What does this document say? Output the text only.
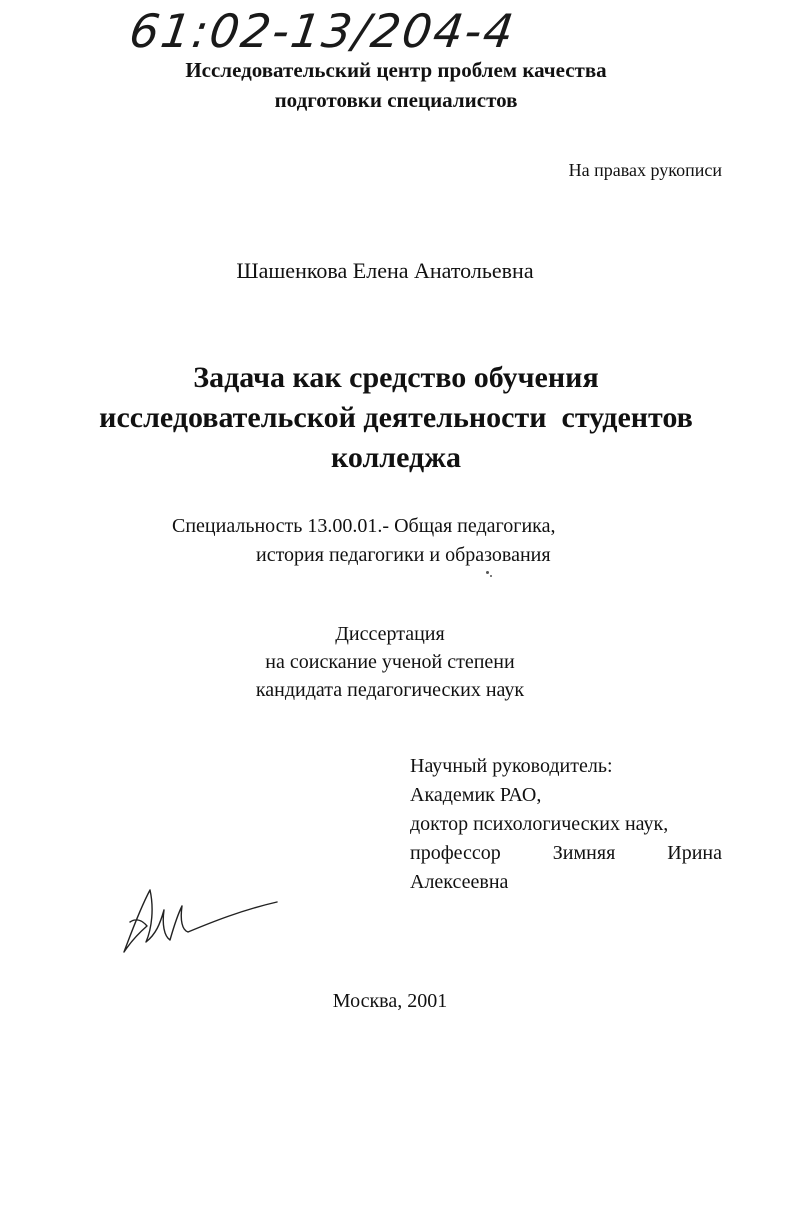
61:02-13/204-4
Исследовательский центр проблем качества
подготовки специалистов
На правах рукописи
Шашенкова Елена Анатольевна
Задача как средство обучения
исследовательской деятельности  студентов
колледжа
Специальность 13.00.01.- Общая педагогика,
история педагогики и образования
Диссертация
на соискание ученой степени
кандидата педагогических наук
Научный руководитель:
Академик РАО,
доктор психологических наук,
профессор	Зимняя	Ирина
Алексеевна
Москва, 2001
